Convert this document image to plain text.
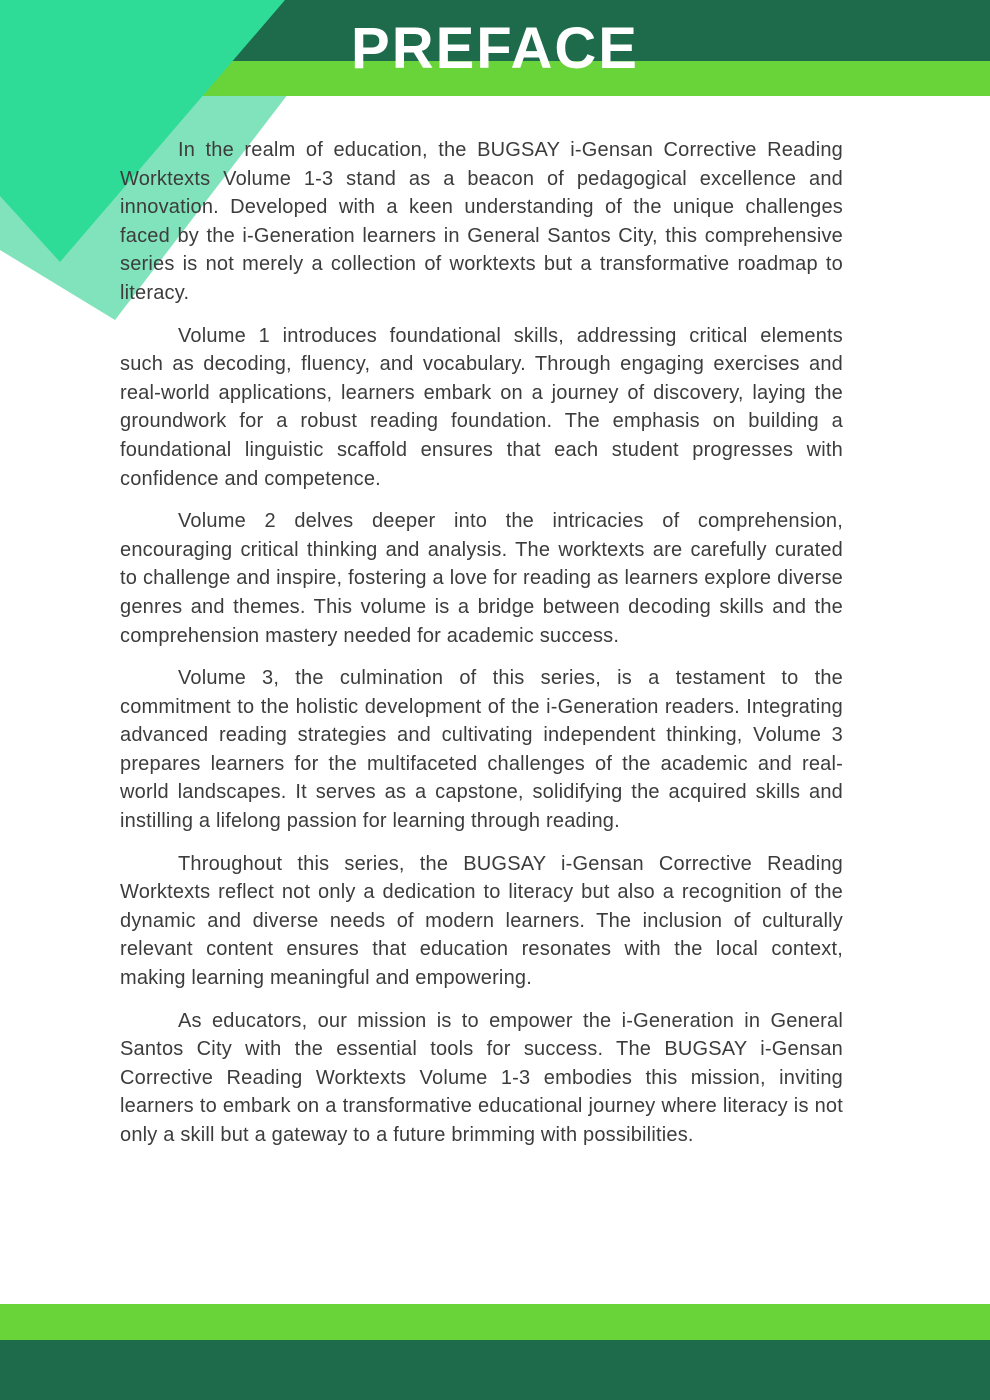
PREFACE

In the realm of education, the BUGSAY i-Gensan Corrective Reading Worktexts Volume 1-3 stand as a beacon of pedagogical excellence and innovation. Developed with a keen understanding of the unique challenges faced by the i-Generation learners in General Santos City, this comprehensive series is not merely a collection of worktexts but a transformative roadmap to literacy.

Volume 1 introduces foundational skills, addressing critical elements such as decoding, fluency, and vocabulary. Through engaging exercises and real-world applications, learners embark on a journey of discovery, laying the groundwork for a robust reading foundation. The emphasis on building a foundational linguistic scaffold ensures that each student progresses with confidence and competence.

Volume 2 delves deeper into the intricacies of comprehension, encouraging critical thinking and analysis. The worktexts are carefully curated to challenge and inspire, fostering a love for reading as learners explore diverse genres and themes. This volume is a bridge between decoding skills and the comprehension mastery needed for academic success.

Volume 3, the culmination of this series, is a testament to the commitment to the holistic development of the i-Generation readers. Integrating advanced reading strategies and cultivating independent thinking, Volume 3 prepares learners for the multifaceted challenges of the academic and real-world landscapes. It serves as a capstone, solidifying the acquired skills and instilling a lifelong passion for learning through reading.

Throughout this series, the BUGSAY i-Gensan Corrective Reading Worktexts reflect not only a dedication to literacy but also a recognition of the dynamic and diverse needs of modern learners. The inclusion of culturally relevant content ensures that education resonates with the local context, making learning meaningful and empowering.

As educators, our mission is to empower the i-Generation in General Santos City with the essential tools for success. The BUGSAY i-Gensan Corrective Reading Worktexts Volume 1-3 embodies this mission, inviting learners to embark on a transformative educational journey where literacy is not only a skill but a gateway to a future brimming with possibilities.
